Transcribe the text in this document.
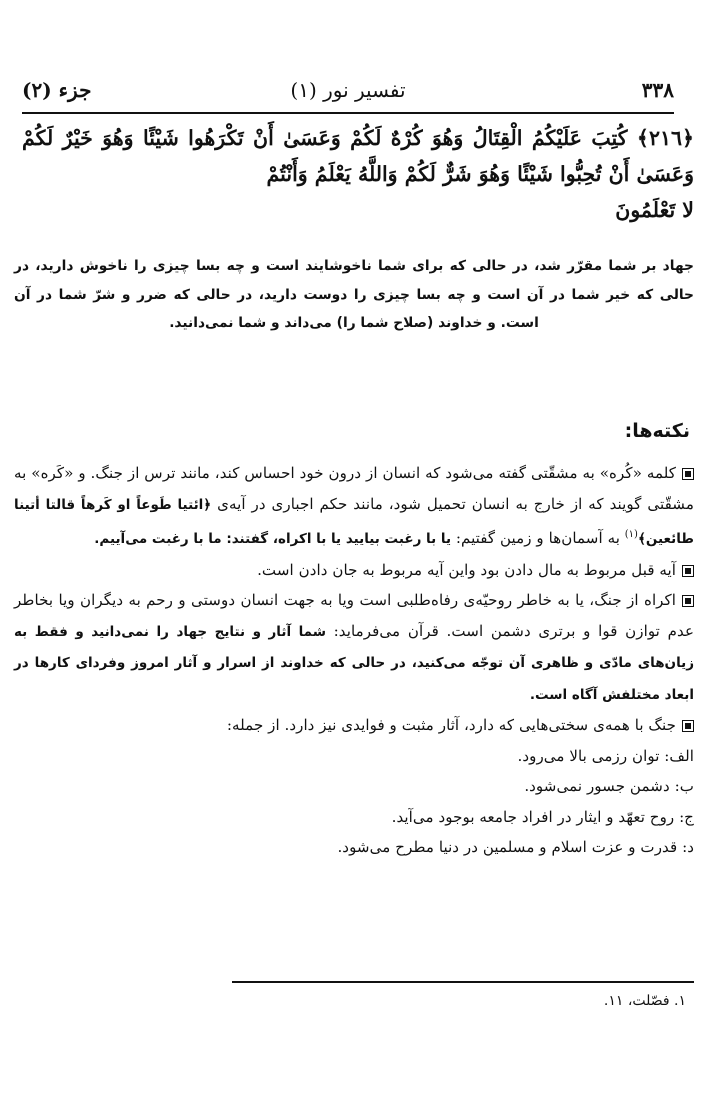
۳۳۸
تفسیر نور (۱)
جزء (۲)
﴿٢١٦﴾ كُتِبَ عَلَيْكُمُ الْقِتَالُ وَهُوَ كُرْهٌ لَكُمْ وَعَسَىٰ أَنْ تَكْرَهُوا شَيْئًا وَهُوَ خَيْرٌ لَكُمْ وَعَسَىٰ أَنْ تُحِبُّوا شَيْئًا وَهُوَ شَرٌّ لَكُمْ وَاللَّهُ يَعْلَمُ وَأَنْتُمْ
لا تَعْلَمُونَ
جهاد بر شما مقرّر شد، در حالى كه براى شما ناخوشايند است و چه بسا چيزى را ناخوش داريد، در حالى كه خير شما در آن است و چه بسا چيزى را دوست داريد، در حالى كه ضرر و شرّ شما در آن است. و خداوند (صلاح شما را) مى‌داند و شما نمى‌دانيد.
نکته‌ها:

كلمه «كُره» به مشقّتى گفته مى‌شود كه انسان از درون خود احساس كند، مانند ترس از جنگ. و «كَره» به مشقّتى گويند كه از خارج به انسان تحميل شود، مانند حكم اجبارى در آيه‌ى ﴿ائتيا طَوعاً او كَرهاً قالتا أتينا طائعين﴾$^{(۱)}$ به آسمان‌ها و زمين گفتيم: يا با رغبت بياييد يا با اكراه، گفتند: ما با رغبت مى‌آييم.

آيه قبل مربوط به مال دادن بود واين آيه مربوط به جان دادن است.

اكراه از جنگ، يا به خاطر روحيّه‌ى رفاه‌طلبى است ويا به جهت انسان دوستى و رحم به ديگران ويا بخاطر عدم توازن قوا و برترى دشمن است. قرآن مى‌فرمايد: شما آثار و نتايج جهاد را نمى‌دانيد و فقط به زيان‌هاى مادّى و ظاهرى آن توجّه مى‌كنيد، در حالى كه خداوند از اسرار و آثار امروز وفرداى كارها در ابعاد مختلفش آگاه است.

جنگ با همه‌ى سختى‌هايى كه دارد، آثار مثبت و فوايدى نيز دارد. از جمله:

الف: توان رزمى بالا مى‌رود.

ب: دشمن جسور نمى‌شود.

ج: روح تعهّد و ايثار در افراد جامعه بوجود مى‌آيد.

د: قدرت و عزت اسلام و مسلمين در دنيا مطرح مى‌شود.

۱. فصّلت، ۱۱.
